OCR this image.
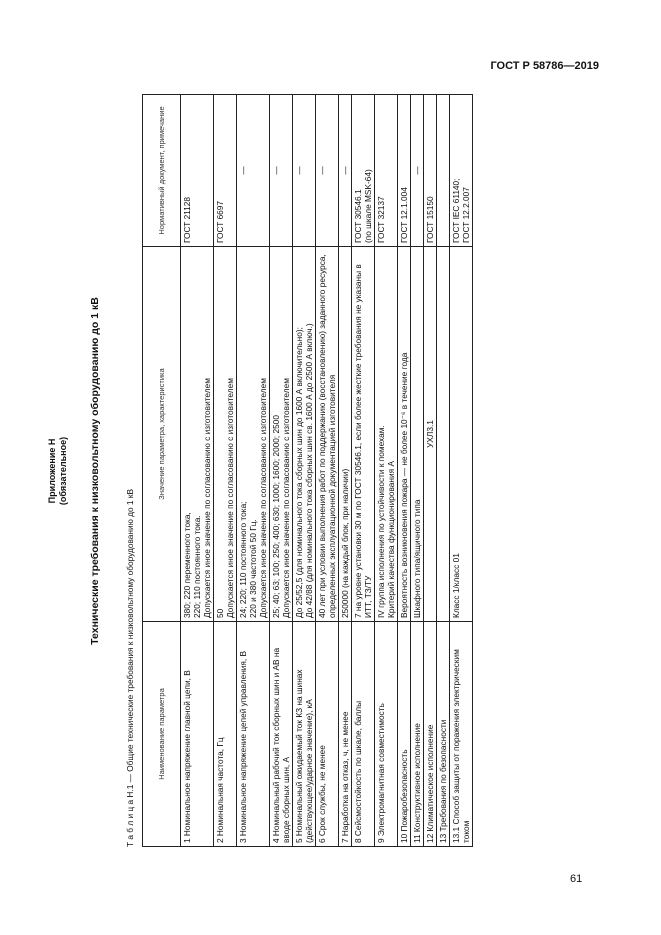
ГОСТ Р 58786—2019
Приложение Н (обязательное) Технические требования к низковольтному оборудованию до 1 кВ
Т а б л и ц а Н.1 — Общие технические требования к низковольтному оборудованию до 1 кВ	Наименование параметра	Значение параметра, характеристика	Нормативный документ, примечание
1 Номинальное напряжение главной цепи, В	380; 220 переменного тока,
220; 110 постоянного тока.
Допускается иное значение по согласованию с изготовителем	ГОСТ 21128
2 Номинальная частота, Гц	50
Допускается иное значение по согласованию с изготовителем	ГОСТ 6697
3 Номинальное напряжение цепей управления, В	24; 220; 110 постоянного тока;
220 и 380 частотой 50 Гц.
Допускается иное значение по согласованию с изготовителем	—
4 Номинальный рабочий ток сборных шин и АВ на вводе сборных шин, А	25; 40; 63; 100; 250; 400; 630; 1000; 1600; 2000; 2500
Допускается иное значение по согласованию с изготовителем	—
5 Номинальный ожидаемый ток КЗ на шинах (действующее/ударное значение), кА	До 25/52,5 (для номинального тока сборных шин до 1600 А включительно);
До 42/88 (для номинального тока сборных шин св. 1600 А до 2500 А включ.)	—
6 Срок службы, не менее	40 лет при условии выполнения работ по поддержанию (восстановлению) заданного ресурса, определенных эксплуатационной документацией изготовителя	—
7 Наработка на отказ, ч, не менее	250000 (на каждый блок, при наличии)	—
8 Сейсмостойкость по шкале, баллы	7 на уровне установки 30 м по ГОСТ 30546.1, если более жесткие требования не указаны в ИТТ, ТЗ/ТУ	ГОСТ 30546.1
(по шкале MSK-64)
9 Электромагнитная совместимость	IV группа исполнения по устойчивости к помехам.
Критерий качества функционирования А	ГОСТ 32137
10 Пожаробезопасность	Вероятность возникновения пожара — не более 10⁻⁶ в течение года	ГОСТ 12.1.004
11 Конструктивное исполнение	Шкафного типа/ящичного типа	—
12 Климатическое исполнение	УХЛ3.1	ГОСТ 15150
13 Требования по безопасности		
13.1 Способ защиты от поражения электрическим током	Класс 1/класс 01	ГОСТ IEC 61140;
ГОСТ 12.2.007
61
